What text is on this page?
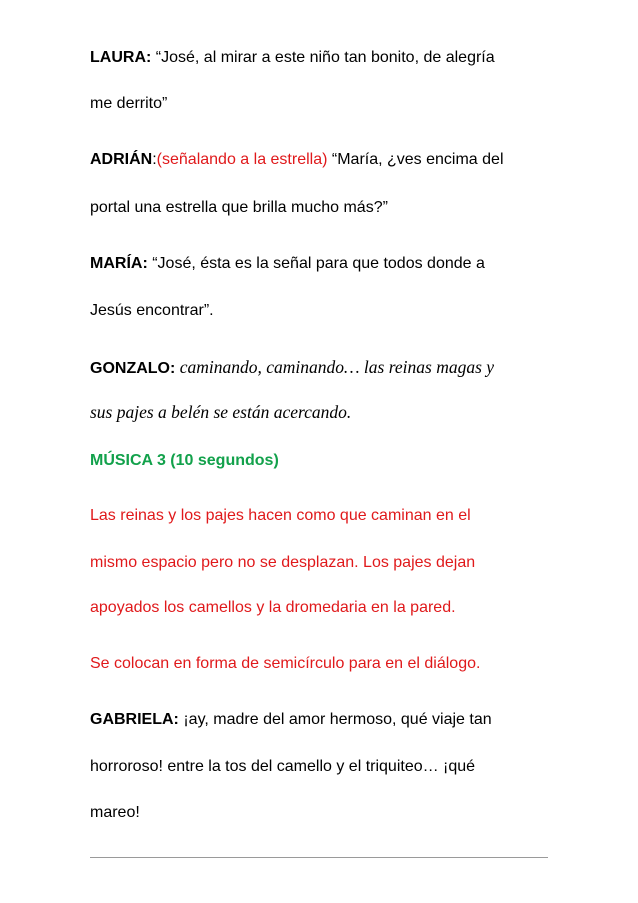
LAURA: “José, al mirar a este niño tan bonito, de alegría
me derrito”
ADRIÁN:(señalando a la estrella) “María, ¿ves encima del
portal una estrella que brilla mucho más?”
MARÍA: “José, ésta es la señal para que todos donde a
Jesús encontrar”.
GONZALO: caminando, caminando… las reinas magas y
sus pajes a belén se están acercando.
MÚSICA 3 (10 segundos)
Las reinas y los pajes hacen como que caminan en el
mismo espacio pero no se desplazan. Los pajes dejan
apoyados los camellos y la dromedaria en la pared.
Se colocan en forma de semicírculo para en el diálogo.
GABRIELA: ¡ay, madre del amor hermoso, qué viaje tan
horroroso! entre la tos del camello y el triquiteo… ¡qué
mareo!
